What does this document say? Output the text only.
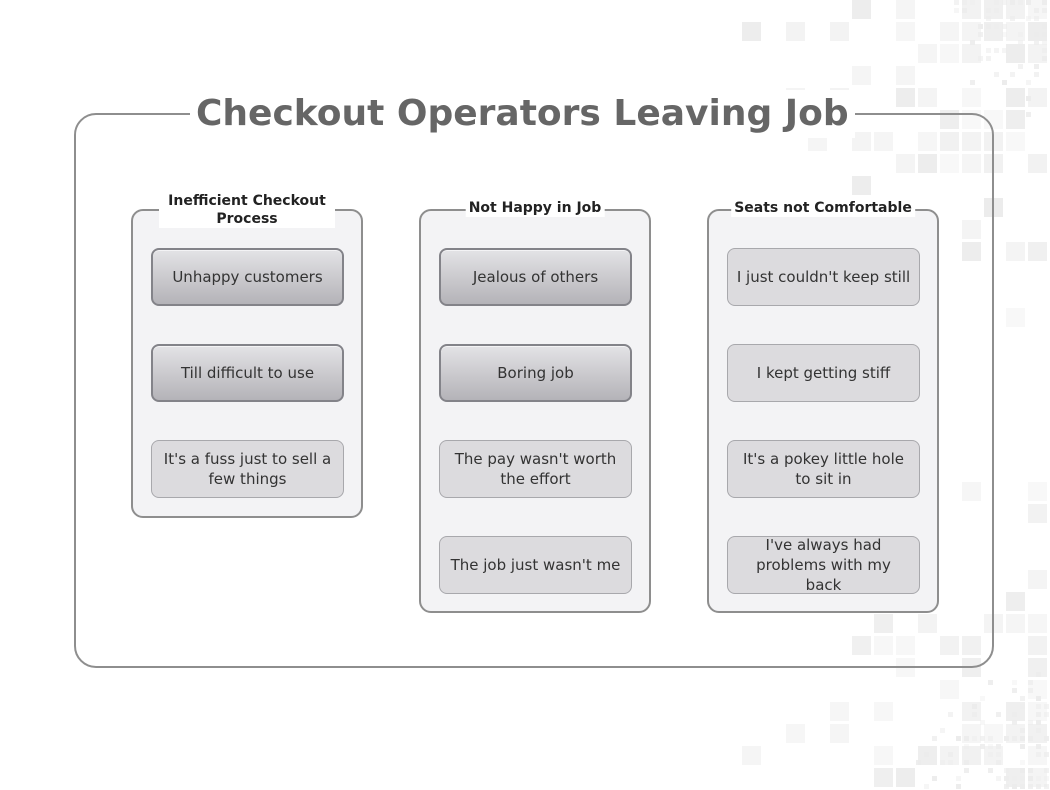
Checkout Operators Leaving Job
Inefficient Checkout Process
Unhappy customers
Till difficult to use
It's a fuss just to sell a few things
Not Happy in Job
Jealous of others
Boring job
The pay wasn't worth the effort
The job just wasn't me
Seats not Comfortable
I just couldn't keep still
I kept getting stiff
It's a pokey little hole to sit in
I've always had problems with my back
